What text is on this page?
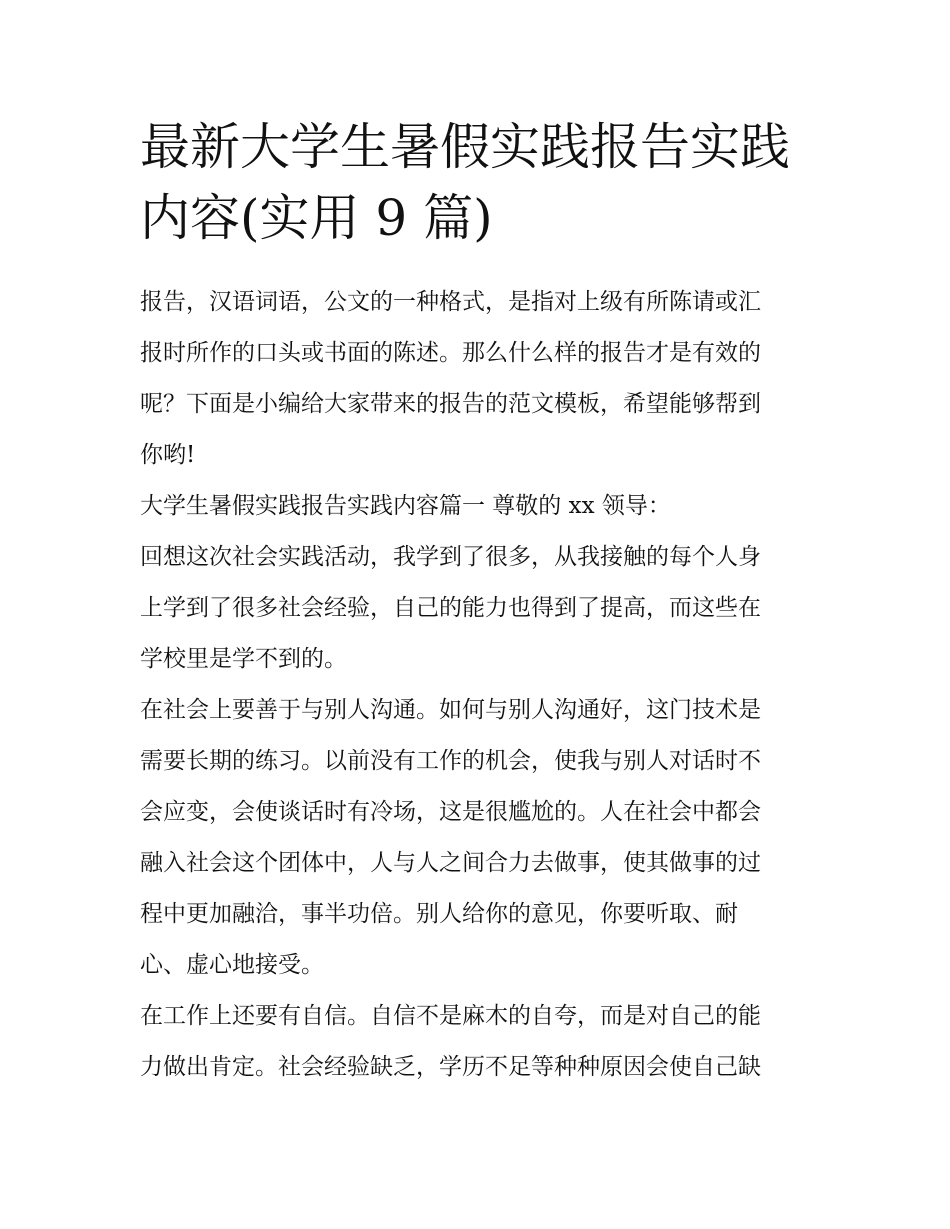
最新大学生暑假实践报告实践
内容(实用 9 篇)
报告，汉语词语，公文的一种格式，是指对上级有所陈请或汇
报时所作的口头或书面的陈述。那么什么样的报告才是有效的
呢？下面是小编给大家带来的报告的范文模板，希望能够帮到
你哟!
大学生暑假实践报告实践内容篇一 尊敬的 xx 领导：
回想这次社会实践活动，我学到了很多，从我接触的每个人身
上学到了很多社会经验，自己的能力也得到了提高，而这些在
学校里是学不到的。
在社会上要善于与别人沟通。如何与别人沟通好，这门技术是
需要长期的练习。以前没有工作的机会，使我与别人对话时不
会应变，会使谈话时有冷场，这是很尴尬的。人在社会中都会
融入社会这个团体中，人与人之间合力去做事，使其做事的过
程中更加融洽，事半功倍。别人给你的意见，你要听取、耐
心、虚心地接受。
在工作上还要有自信。自信不是麻木的自夸，而是对自己的能
力做出肯定。社会经验缺乏，学历不足等种种原因会使自己缺
